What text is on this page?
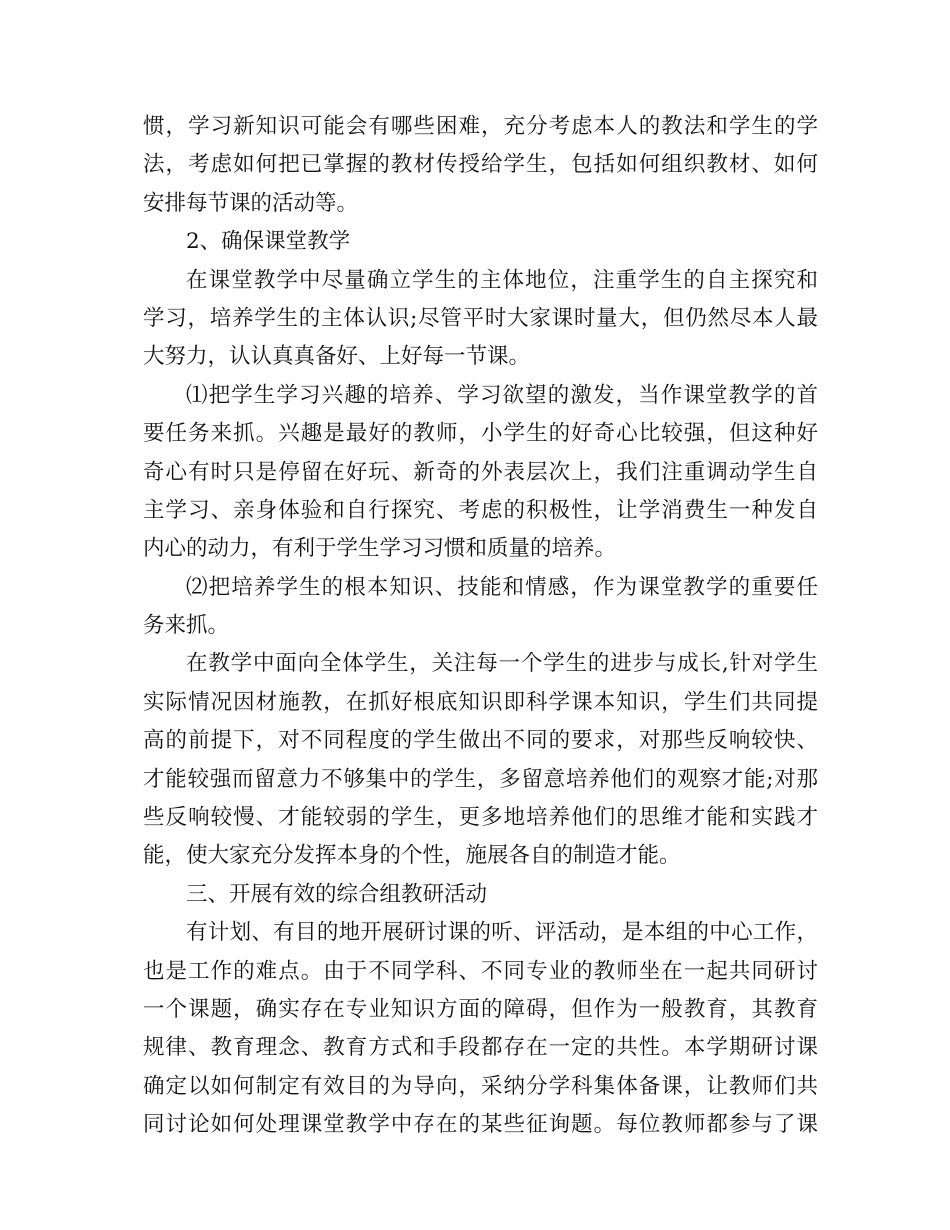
惯，学习新知识可能会有哪些困难，充分考虑本人的教法和学生的学
法，考虑如何把已掌握的教材传授给学生，包括如何组织教材、如何
安排每节课的活动等。
2、确保课堂教学
在课堂教学中尽量确立学生的主体地位，注重学生的自主探究和
学习，培养学生的主体认识;尽管平时大家课时量大，但仍然尽本人最
大努力，认认真真备好、上好每一节课。
⑴把学生学习兴趣的培养、学习欲望的激发，当作课堂教学的首
要任务来抓。兴趣是最好的教师，小学生的好奇心比较强，但这种好
奇心有时只是停留在好玩、新奇的外表层次上，我们注重调动学生自
主学习、亲身体验和自行探究、考虑的积极性，让学消费生一种发自
内心的动力，有利于学生学习习惯和质量的培养。
⑵把培养学生的根本知识、技能和情感，作为课堂教学的重要任
务来抓。
在教学中面向全体学生，关注每一个学生的进步与成长,针对学生
实际情况因材施教，在抓好根底知识即科学课本知识，学生们共同提
高的前提下，对不同程度的学生做出不同的要求，对那些反响较快、
才能较强而留意力不够集中的学生，多留意培养他们的观察才能;对那
些反响较慢、才能较弱的学生，更多地培养他们的思维才能和实践才
能，使大家充分发挥本身的个性，施展各自的制造才能。
三、开展有效的综合组教研活动
有计划、有目的地开展研讨课的听、评活动，是本组的中心工作，
也是工作的难点。由于不同学科、不同专业的教师坐在一起共同研讨
一个课题，确实存在专业知识方面的障碍，但作为一般教育，其教育
规律、教育理念、教育方式和手段都存在一定的共性。本学期研讨课
确定以如何制定有效目的为导向，采纳分学科集体备课，让教师们共
同讨论如何处理课堂教学中存在的某些征询题。每位教师都参与了课
